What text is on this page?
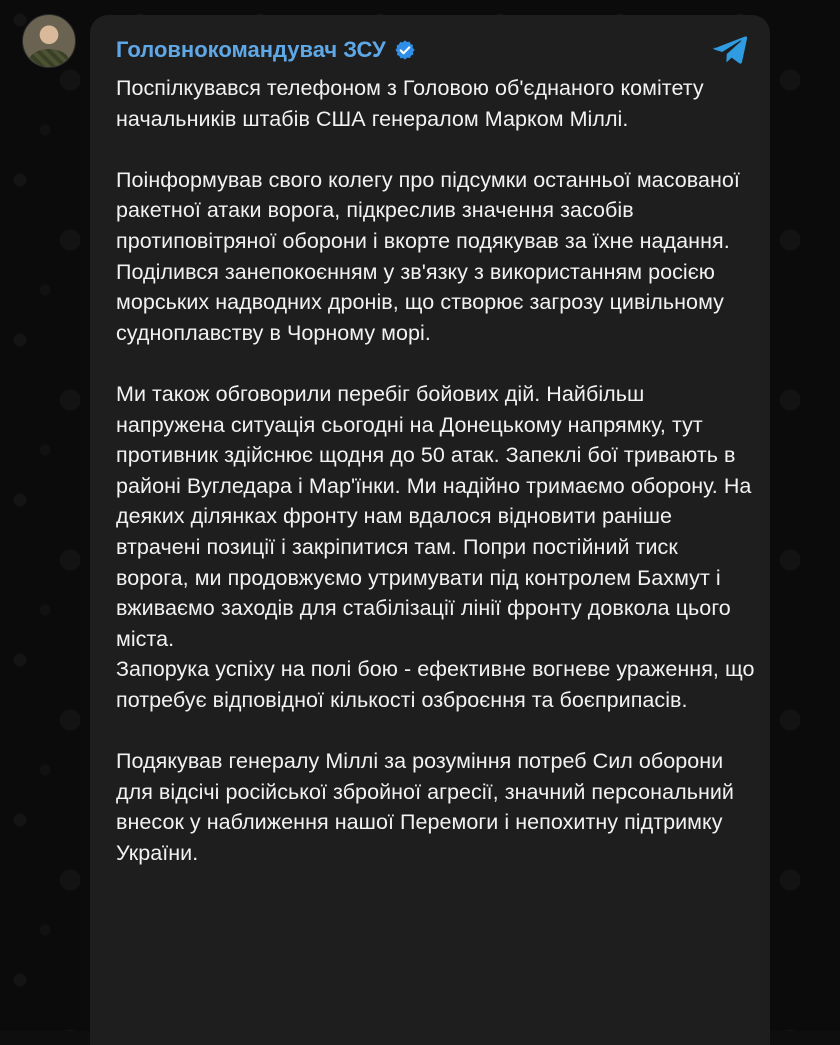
Головнокомандувач ЗСУ

Поспілкувався телефоном з Головою об'єднаного комітету начальників штабів США генералом Марком Міллі.

Поінформував свого колегу про підсумки останньої масованої ракетної атаки ворога, підкреслив значення засобів протиповітряної оборони і вкорте подякував за їхне надання. Поділився занепокоєнням у зв'язку з використанням росією морських надводних дронів, що створює загрозу цивільному судноплавству в Чорному морі.

Ми також обговорили перебіг бойових дій. Найбільш напружена ситуація сьогодні на Донецькому напрямку, тут противник здійснює щодня до 50 атак. Запеклі бої тривають в районі Вугледара і Мар'їнки. Ми надійно тримаємо оборону. На деяких ділянках фронту нам вдалося відновити раніше втрачені позиції і закріпитися там. Попри постійний тиск ворога, ми продовжуємо утримувати під контролем Бахмут і вживаємо заходів для стабілізації лінії фронту довкола цього міста.

Запорука успіху на полі бою - ефективне вогневе ураження, що потребує відповідної кількості озброєння та боєприпасів.

Подякував генералу Міллі за розуміння потреб Сил оборони для відсічі російської збройної агресії, значний персональний внесок у наближення нашої Перемоги і непохитну підтримку України.
